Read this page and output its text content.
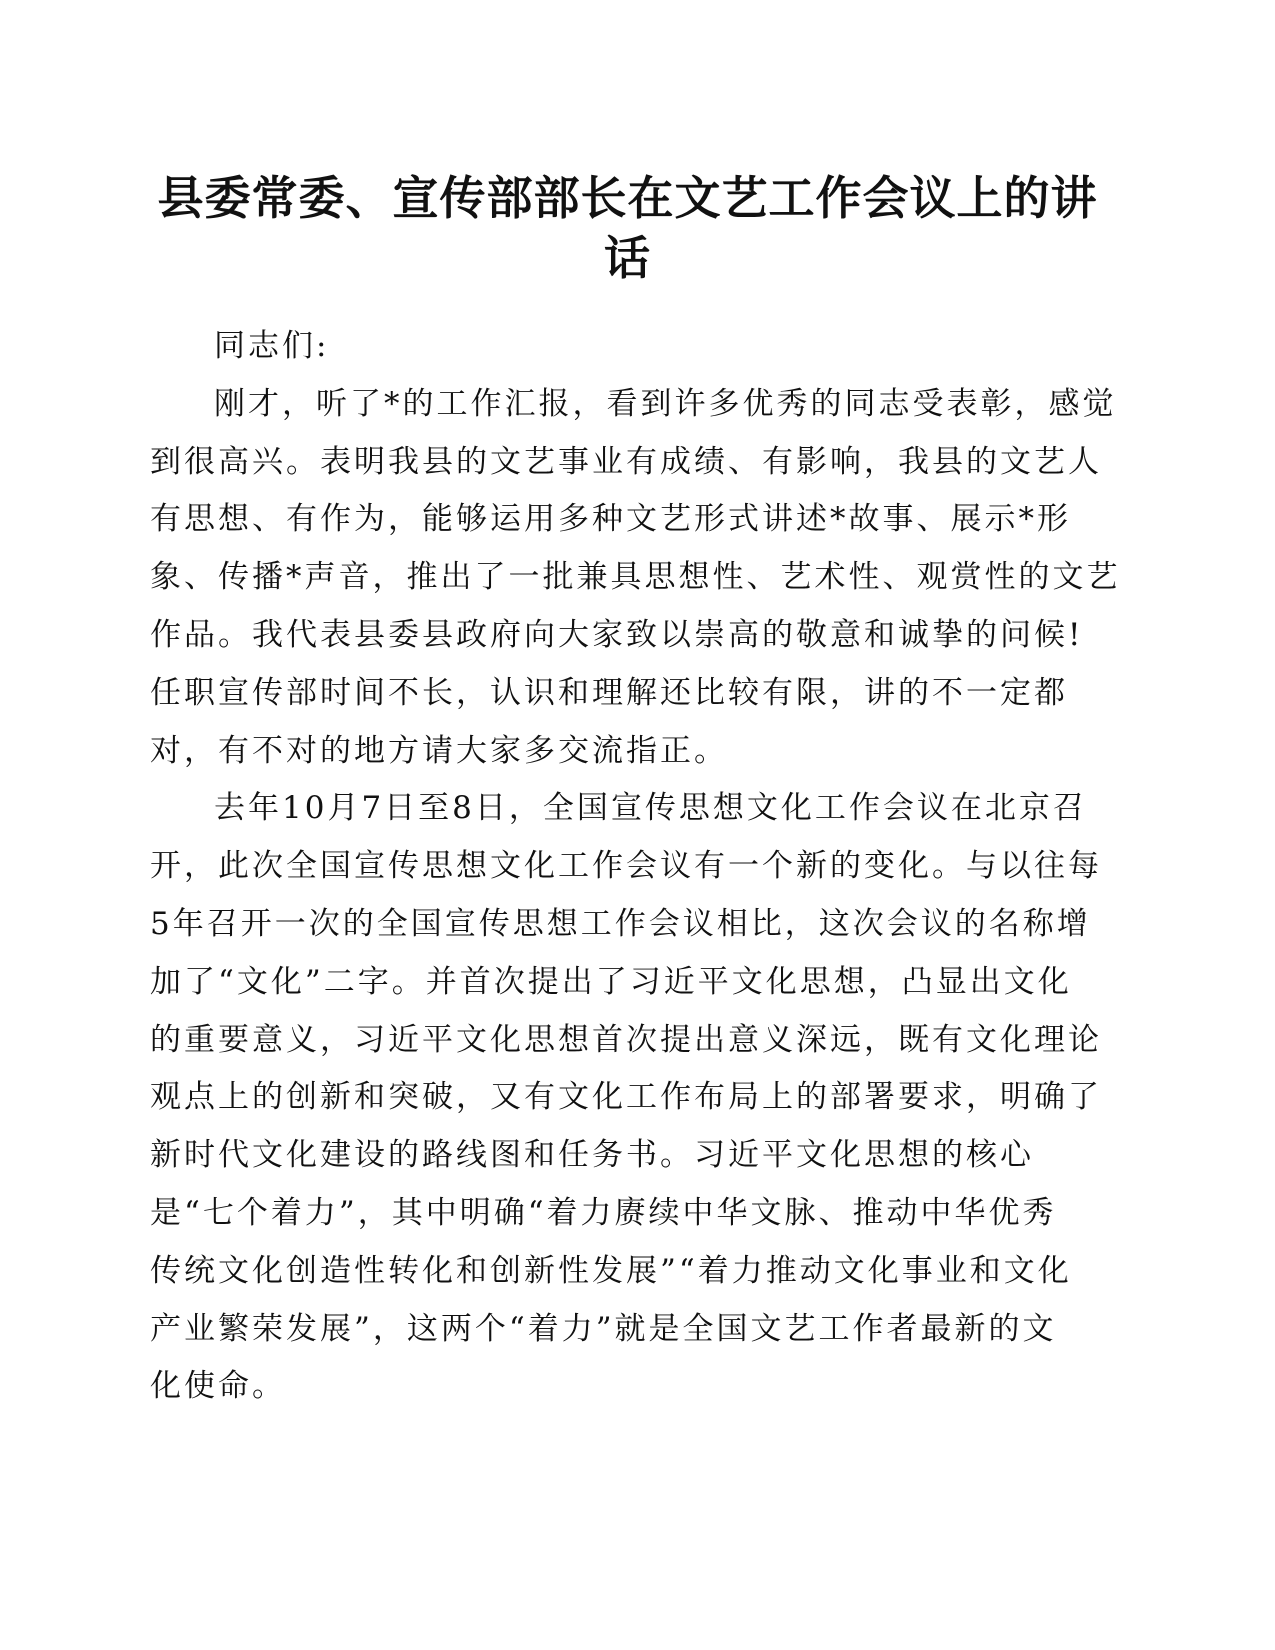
县委常委、宣传部部长在文艺工作会议上的讲
话
同志们:
刚才，听了*的工作汇报，看到许多优秀的同志受表彰，感觉
到很高兴。表明我县的文艺事业有成绩、有影响，我县的文艺人
有思想、有作为，能够运用多种文艺形式讲述*故事、展示*形
象、传播*声音，推出了一批兼具思想性、艺术性、观赏性的文艺
作品。我代表县委县政府向大家致以崇高的敬意和诚挚的问候!
任职宣传部时间不长，认识和理解还比较有限，讲的不一定都
对，有不对的地方请大家多交流指正。
去年10月7日至8日，全国宣传思想文化工作会议在北京召
开，此次全国宣传思想文化工作会议有一个新的变化。与以往每
5年召开一次的全国宣传思想工作会议相比，这次会议的名称增
加了“文化”二字。并首次提出了习近平文化思想，凸显出文化
的重要意义，习近平文化思想首次提出意义深远，既有文化理论
观点上的创新和突破，又有文化工作布局上的部署要求，明确了
新时代文化建设的路线图和任务书。习近平文化思想的核心
是“七个着力”，其中明确“着力赓续中华文脉、推动中华优秀
传统文化创造性转化和创新性发展”“着力推动文化事业和文化
产业繁荣发展”，这两个“着力”就是全国文艺工作者最新的文
化使命。
